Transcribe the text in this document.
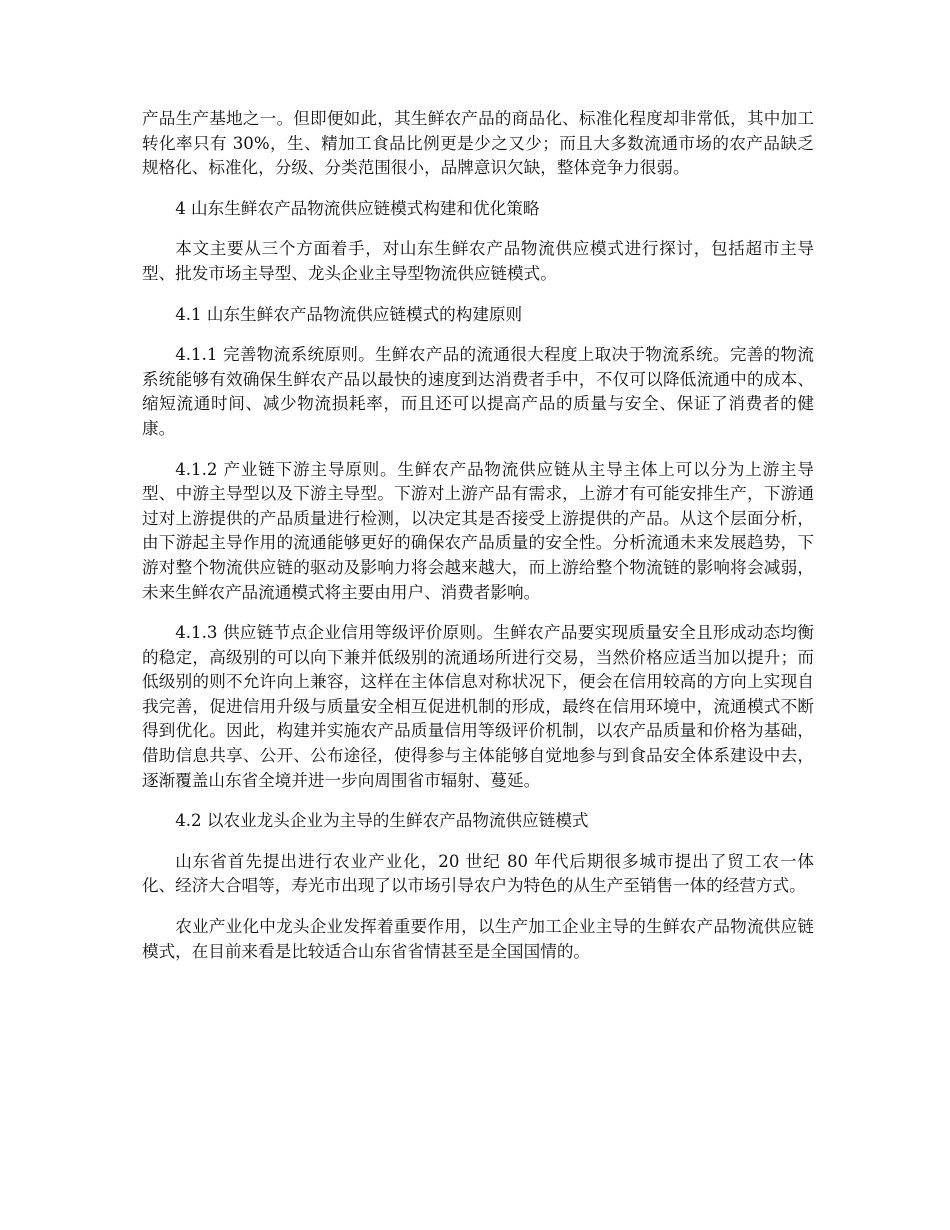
产品生产基地之一。但即便如此，其生鲜农产品的商品化、标准化程度却非常低，其中加工转化率只有 30%，生、精加工食品比例更是少之又少；而且大多数流通市场的农产品缺乏规格化、标准化，分级、分类范围很小，品牌意识欠缺，整体竞争力很弱。

4 山东生鲜农产品物流供应链模式构建和优化策略

本文主要从三个方面着手，对山东生鲜农产品物流供应模式进行探讨，包括超市主导型、批发市场主导型、龙头企业主导型物流供应链模式。

4.1 山东生鲜农产品物流供应链模式的构建原则

4.1.1 完善物流系统原则。生鲜农产品的流通很大程度上取决于物流系统。完善的物流系统能够有效确保生鲜农产品以最快的速度到达消费者手中，不仅可以降低流通中的成本、缩短流通时间、减少物流损耗率，而且还可以提高产品的质量与安全、保证了消费者的健康。

4.1.2 产业链下游主导原则。生鲜农产品物流供应链从主导主体上可以分为上游主导型、中游主导型以及下游主导型。下游对上游产品有需求，上游才有可能安排生产，下游通过对上游提供的产品质量进行检测，以决定其是否接受上游提供的产品。从这个层面分析，由下游起主导作用的流通能够更好的确保农产品质量的安全性。分析流通未来发展趋势，下游对整个物流供应链的驱动及影响力将会越来越大，而上游给整个物流链的影响将会减弱，未来生鲜农产品流通模式将主要由用户、消费者影响。

4.1.3 供应链节点企业信用等级评价原则。生鲜农产品要实现质量安全且形成动态均衡的稳定，高级别的可以向下兼并低级别的流通场所进行交易，当然价格应适当加以提升；而低级别的则不允许向上兼容，这样在主体信息对称状况下，便会在信用较高的方向上实现自我完善，促进信用升级与质量安全相互促进机制的形成，最终在信用环境中，流通模式不断得到优化。因此，构建并实施农产品质量信用等级评价机制，以农产品质量和价格为基础，借助信息共享、公开、公布途径，使得参与主体能够自觉地参与到食品安全体系建设中去，逐渐覆盖山东省全境并进一步向周围省市辐射、蔓延。

4.2 以农业龙头企业为主导的生鲜农产品物流供应链模式

山东省首先提出进行农业产业化，20 世纪 80 年代后期很多城市提出了贸工农一体化、经济大合唱等，寿光市出现了以市场引导农户为特色的从生产至销售一体的经营方式。

农业产业化中龙头企业发挥着重要作用，以生产加工企业主导的生鲜农产品物流供应链模式，在目前来看是比较适合山东省省情甚至是全国国情的。
